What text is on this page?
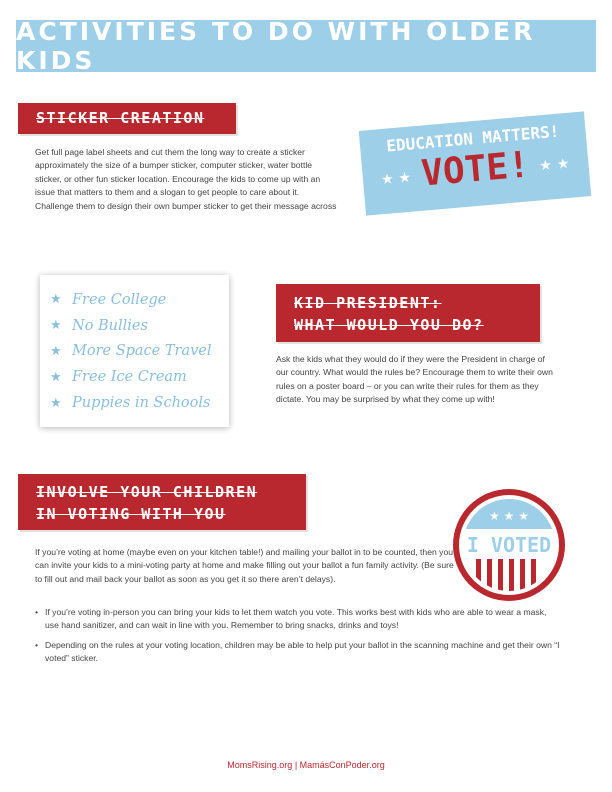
ACTIVITIES TO DO WITH OLDER KIDS
STICKER CREATION

Get full page label sheets and cut them the long way to create a sticker approximately the size of a bumper sticker, computer sticker, water bottle sticker, or other fun sticker location. Encourage the kids to come up with an issue that matters to them and a slogan to get people to care about it. Challenge them to design their own bumper sticker to get their message across

EDUCATION MATTERS!
★★ VOTE! ★★
★ Free College
★ No Bullies
★ More Space Travel
★ Free Ice Cream
★ Puppies in Schools
KID PRESIDENT:
WHAT WOULD YOU DO?

Ask the kids what they would do if they were the President in charge of our country. What would the rules be? Encourage them to write their own rules on a poster board – or you can write their rules for them as they dictate. You may be surprised by what they come up with!

INVOLVE YOUR CHILDREN
IN VOTING WITH YOU	★ ★ ★
I VOTED

If you’re voting at home (maybe even on your kitchen table!) and mailing your ballot in to be counted, then you can invite your kids to a mini-voting party at home and make filling out your ballot a fun family activity. (Be sure to fill out and mail back your ballot as soon as you get it so there aren’t delays).

• If you’re voting in-person you can bring your kids to let them watch you vote. This works best with kids who are able to wear a mask, use hand sanitizer, and can wait in line with you. Remember to bring snacks, drinks and toys!
• Depending on the rules at your voting location, children may be able to help put your ballot in the scanning machine and get their own “I voted” sticker.
MomsRising.org | MamásConPoder.org
